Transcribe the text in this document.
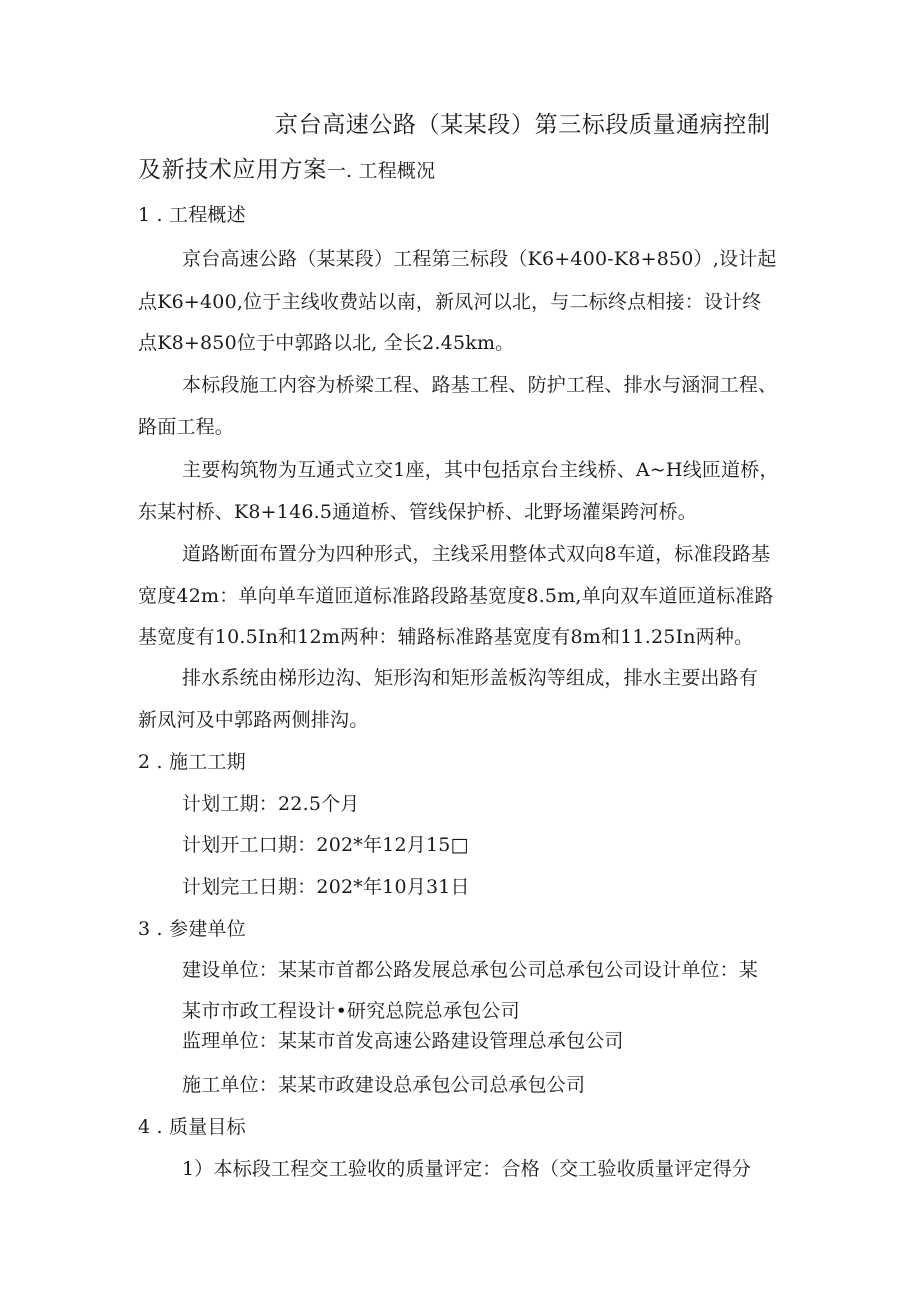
京台高速公路（某某段）第三标段质量通病控制
及新技术应用方案一. 工程概况
1 . 工程概述
京台高速公路（某某段）工程第三标段（K6+400-K8+850）,设计起
点K6+400,位于主线收费站以南，新凤河以北，与二标终点相接：设计终
点K8+850位于中郭路以北, 全长2.45km。
本标段施工内容为桥梁工程、路基工程、防护工程、排水与涵洞工程、
路面工程。
主要构筑物为互通式立交1座，其中包括京台主线桥、A~H线匝道桥，
东某村桥、K8+146.5通道桥、管线保护桥、北野场灌渠跨河桥。
道路断面布置分为四种形式，主线采用整体式双向8车道，标准段路基
宽度42m：单向单车道匝道标准路段路基宽度8.5m,单向双车道匝道标准路
基宽度有10.5In和12m两种：辅路标准路基宽度有8m和11.25In两种。
排水系统由梯形边沟、矩形沟和矩形盖板沟等组成，排水主要出路有
新凤河及中郭路两侧排沟。
2 . 施工工期
计划工期：22.5个月
计划开工口期：202*年12月15□
计划完工日期：202*年10月31日
3 . 参建单位
建设单位：某某市首都公路发展总承包公司总承包公司设计单位：某
某市市政工程设计•研究总院总承包公司
监理单位：某某市首发高速公路建设管理总承包公司
施工单位：某某市政建设总承包公司总承包公司
4 . 质量目标
1）本标段工程交工验收的质量评定：合格（交工验收质量评定得分
